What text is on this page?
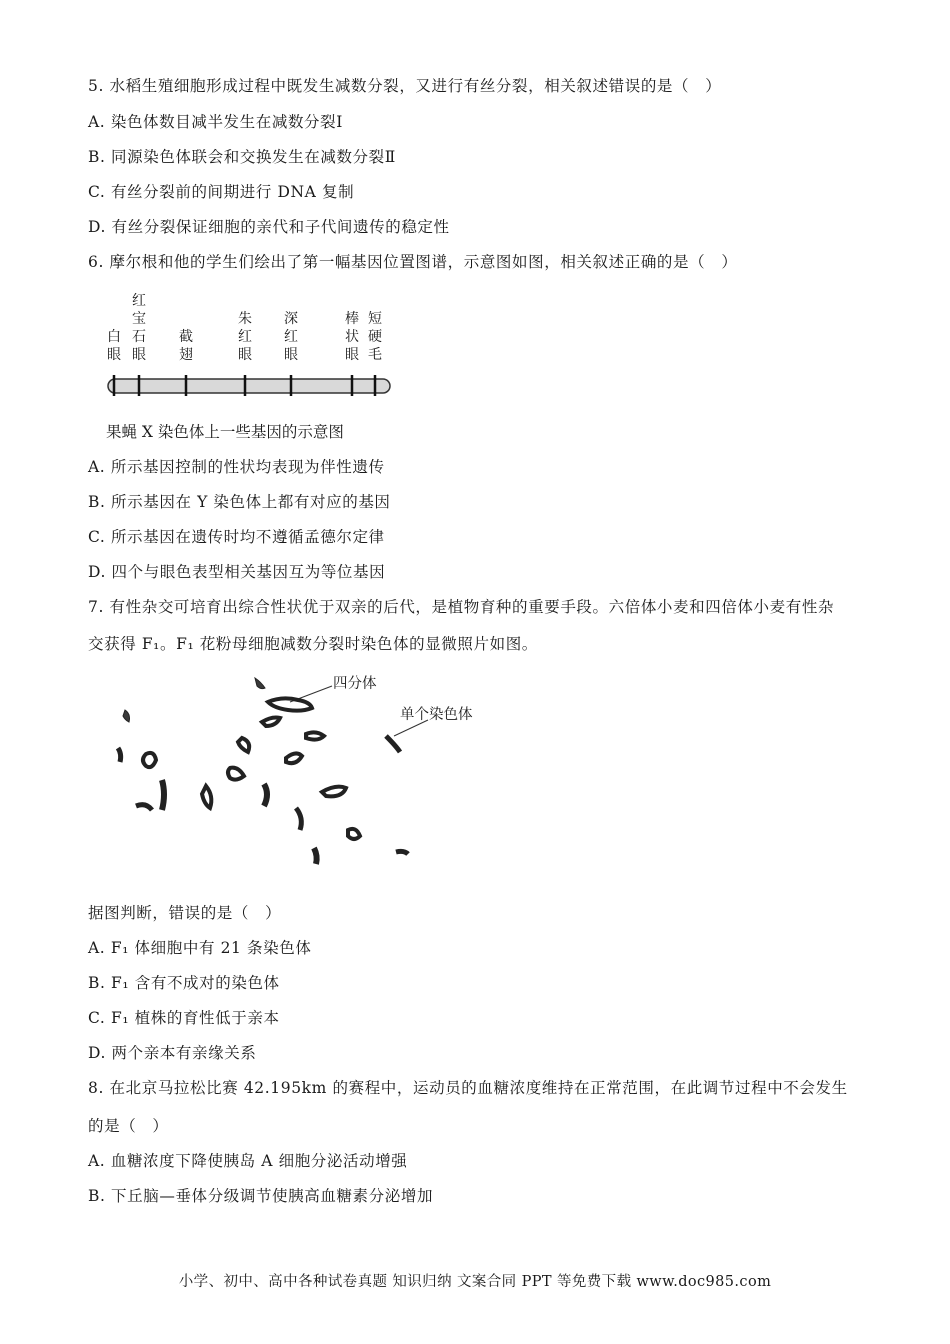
5. 水稻生殖细胞形成过程中既发生减数分裂，又进行有丝分裂，相关叙述错误的是（　）
A. 染色体数目减半发生在减数分裂Ⅰ
B. 同源染色体联会和交换发生在减数分裂Ⅱ
C. 有丝分裂前的间期进行 DNA 复制
D. 有丝分裂保证细胞的亲代和子代间遗传的稳定性
6. 摩尔根和他的学生们绘出了第一幅基因位置图谱，示意图如图，相关叙述正确的是（　）
白
眼
红
宝
石
眼
截
翅
朱
红
眼
深
红
眼
棒
状
眼
短
硬
毛
果蝇 X 染色体上一些基因的示意图
A. 所示基因控制的性状均表现为伴性遗传
B. 所示基因在 Y 染色体上都有对应的基因
C. 所示基因在遗传时均不遵循孟德尔定律
D. 四个与眼色表型相关基因互为等位基因
7. 有性杂交可培育出综合性状优于双亲的后代，是植物育种的重要手段。六倍体小麦和四倍体小麦有性杂
交获得 F₁。F₁ 花粉母细胞减数分裂时染色体的显微照片如图。
四分体
单个染色体
据图判断，错误的是（　）
A. F₁ 体细胞中有 21 条染色体
B. F₁ 含有不成对的染色体
C. F₁ 植株的育性低于亲本
D. 两个亲本有亲缘关系
8. 在北京马拉松比赛 42.195km 的赛程中，运动员的血糖浓度维持在正常范围，在此调节过程中不会发生
的是（　）
A. 血糖浓度下降使胰岛 A 细胞分泌活动增强
B. 下丘脑—垂体分级调节使胰高血糖素分泌增加
小学、初中、高中各种试卷真题 知识归纳 文案合同 PPT 等免费下载 www.doc985.com
